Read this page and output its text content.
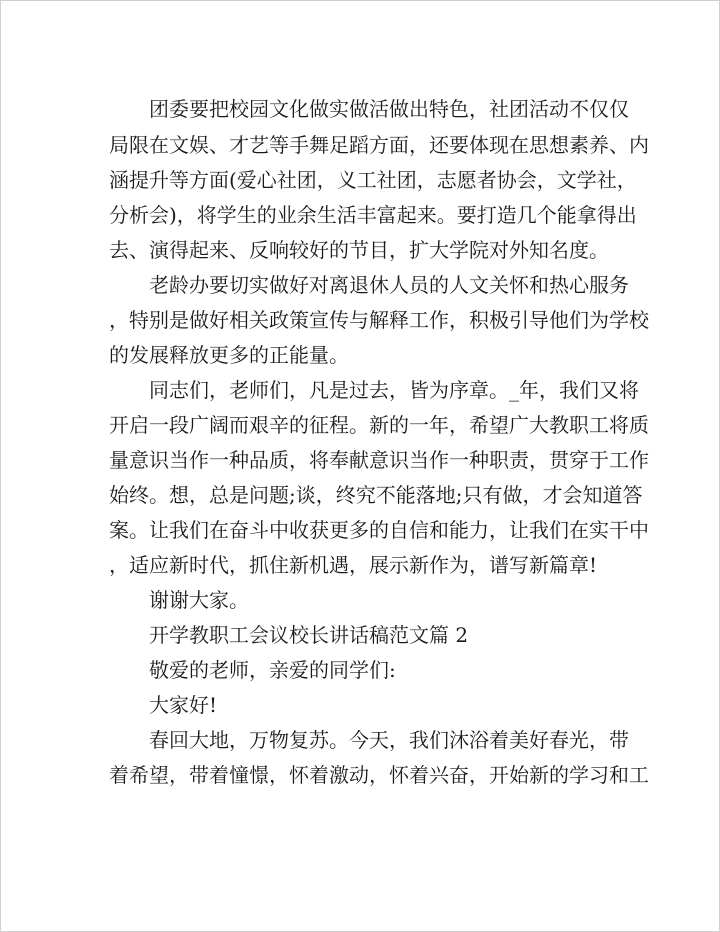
团委要把校园文化做实做活做出特色，社团活动不仅仅
局限在文娱、才艺等手舞足蹈方面，还要体现在思想素养、内
涵提升等方面(爱心社团，义工社团，志愿者协会，文学社，
分析会)，将学生的业余生活丰富起来。要打造几个能拿得出
去、演得起来、反响较好的节目，扩大学院对外知名度。
老龄办要切实做好对离退休人员的人文关怀和热心服务
，特别是做好相关政策宣传与解释工作，积极引导他们为学校
的发展释放更多的正能量。
同志们，老师们，凡是过去，皆为序章。_年，我们又将
开启一段广阔而艰辛的征程。新的一年，希望广大教职工将质
量意识当作一种品质，将奉献意识当作一种职责，贯穿于工作
始终。想，总是问题;谈，终究不能落地;只有做，才会知道答
案。让我们在奋斗中收获更多的自信和能力，让我们在实干中
，适应新时代，抓住新机遇，展示新作为，谱写新篇章!
谢谢大家。
开学教职工会议校长讲话稿范文篇 2
敬爱的老师，亲爱的同学们:
大家好!
春回大地，万物复苏。今天，我们沐浴着美好春光，带
着希望，带着憧憬，怀着激动，怀着兴奋，开始新的学习和工
